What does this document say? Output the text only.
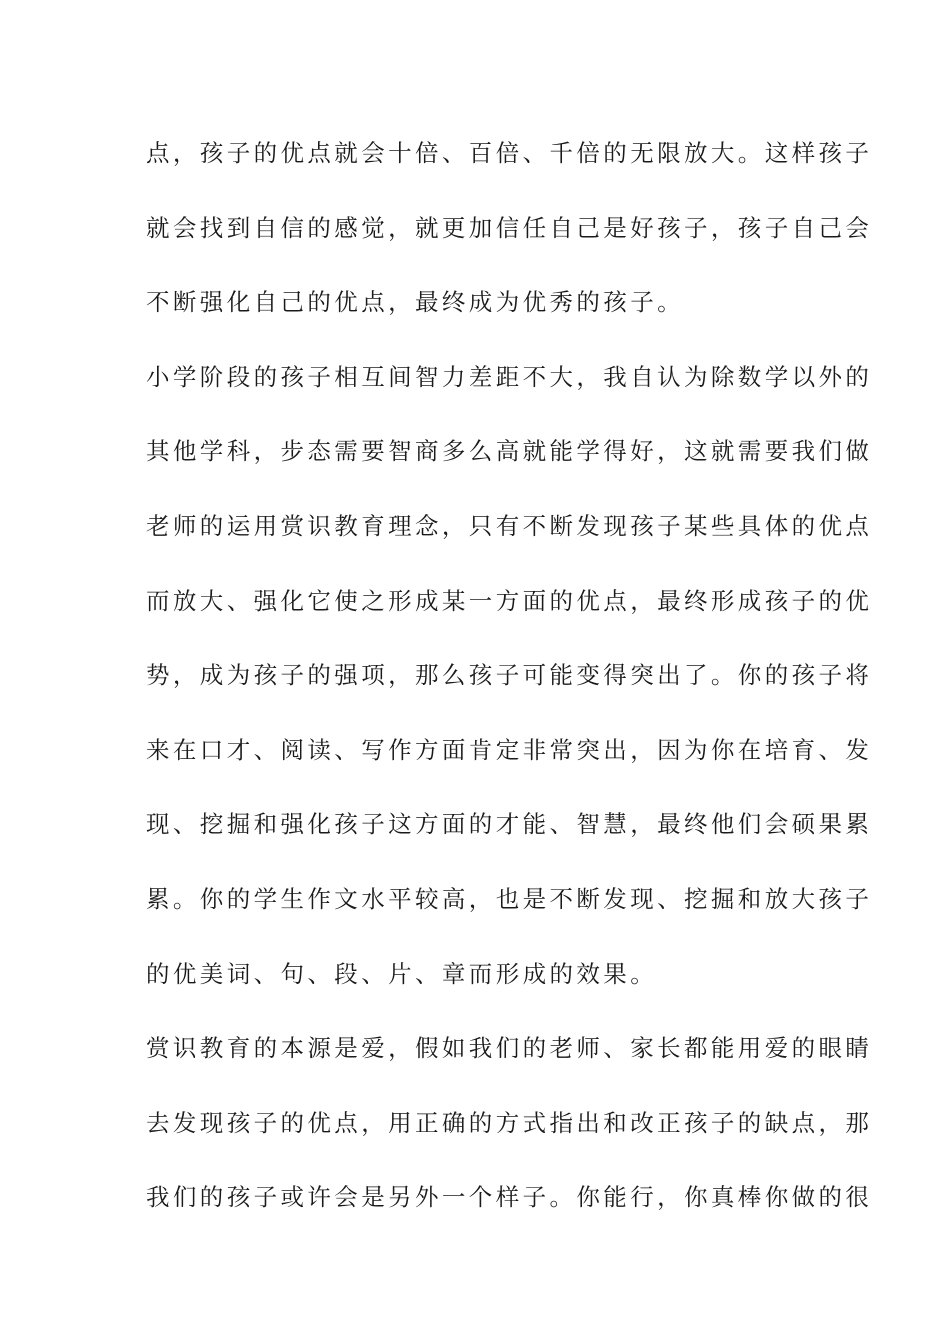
点，孩子的优点就会十倍、百倍、千倍的无限放大。这样孩子
就会找到自信的感觉，就更加信任自己是好孩子，孩子自己会
不断强化自己的优点，最终成为优秀的孩子。
小学阶段的孩子相互间智力差距不大，我自认为除数学以外的
其他学科，步态需要智商多么高就能学得好，这就需要我们做
老师的运用赏识教育理念，只有不断发现孩子某些具体的优点
而放大、强化它使之形成某一方面的优点，最终形成孩子的优
势，成为孩子的强项，那么孩子可能变得突出了。你的孩子将
来在口才、阅读、写作方面肯定非常突出，因为你在培育、发
现、挖掘和强化孩子这方面的才能、智慧，最终他们会硕果累
累。你的学生作文水平较高，也是不断发现、挖掘和放大孩子
的优美词、句、段、片、章而形成的效果。
赏识教育的本源是爱，假如我们的老师、家长都能用爱的眼睛
去发现孩子的优点，用正确的方式指出和改正孩子的缺点，那
我们的孩子或许会是另外一个样子。你能行，你真棒你做的很
